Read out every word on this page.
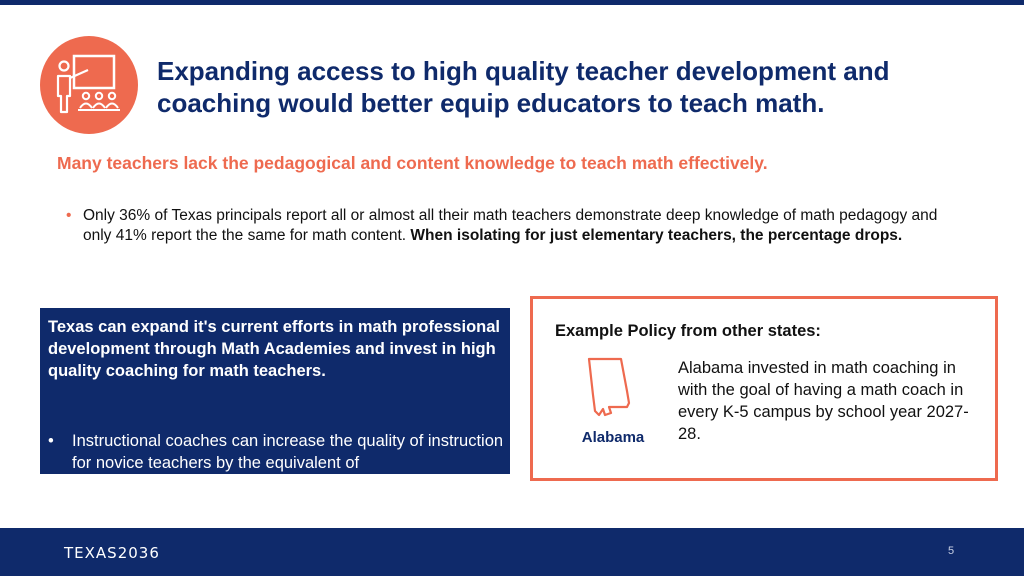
Expanding access to high quality teacher development and coaching would better equip educators to teach math.
Many teachers lack the pedagogical and content knowledge to teach math effectively.
• Only 36% of Texas principals report all or almost all their math teachers demonstrate deep knowledge of math pedagogy and only 41% report the the same for math content. When isolating for just elementary teachers, the percentage drops.
Texas can expand it's current efforts in math professional development through Math Academies and invest in high quality coaching for math teachers.
• Instructional coaches can increase the quality of instruction for novice teachers by the equivalent of
Example Policy from other states:
Alabama
Alabama invested in math coaching in with the goal of having a math coach in every K-5 campus by school year 2027-28.
TEXAS2036	5
